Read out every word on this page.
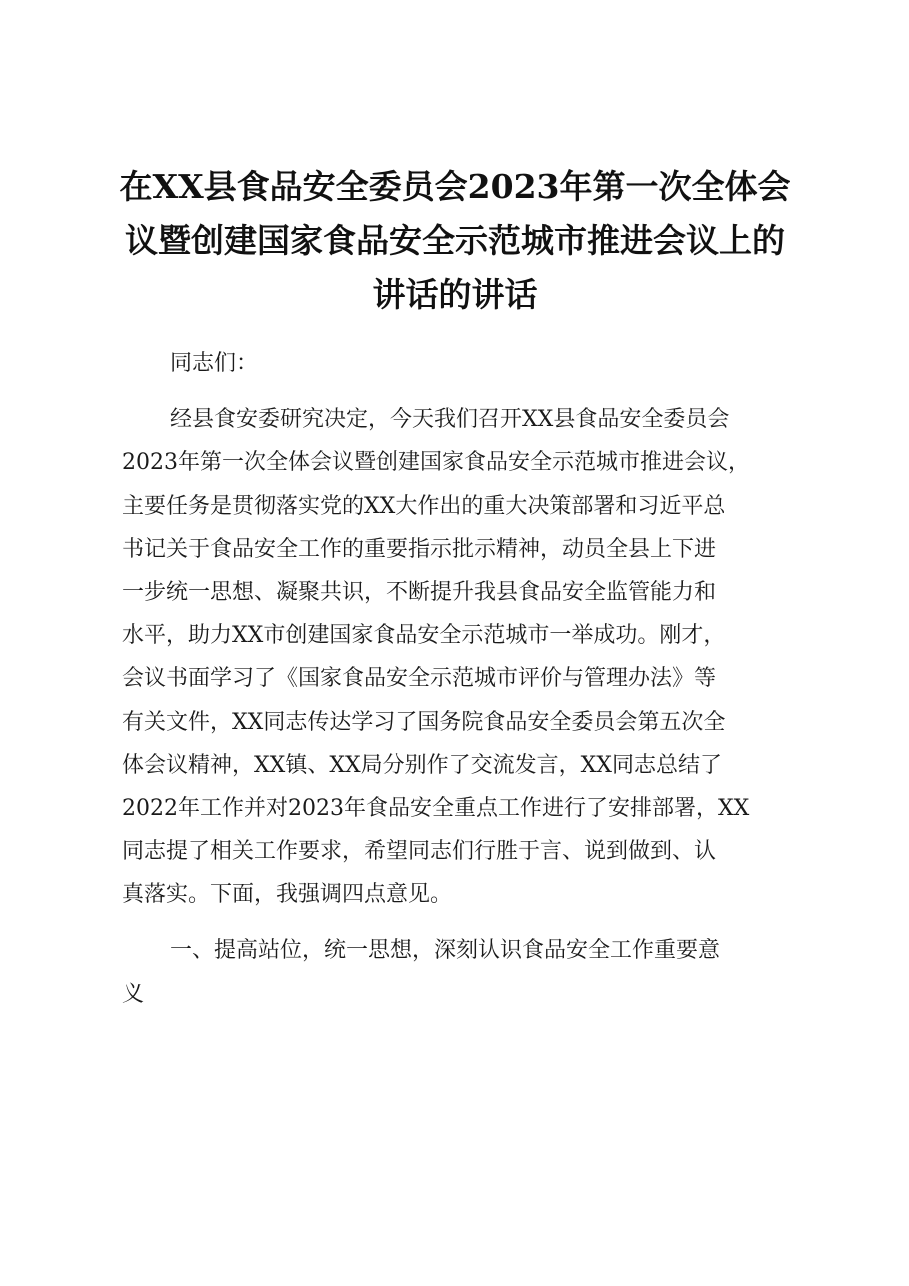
在XX县食品安全委员会2023年第一次全体会
议暨创建国家食品安全示范城市推进会议上的
讲话的讲话

同志们：

经县食安委研究决定，今天我们召开XX县食品安全委员会
2023年第一次全体会议暨创建国家食品安全示范城市推进会议，
主要任务是贯彻落实党的XX大作出的重大决策部署和习近平总
书记关于食品安全工作的重要指示批示精神，动员全县上下进
一步统一思想、凝聚共识，不断提升我县食品安全监管能力和
水平，助力XX市创建国家食品安全示范城市一举成功。刚才，
会议书面学习了《国家食品安全示范城市评价与管理办法》等
有关文件，XX同志传达学习了国务院食品安全委员会第五次全
体会议精神，XX镇、XX局分别作了交流发言，XX同志总结了
2022年工作并对2023年食品安全重点工作进行了安排部署，XX
同志提了相关工作要求，希望同志们行胜于言、说到做到、认
真落实。下面，我强调四点意见。

一、提高站位，统一思想，深刻认识食品安全工作重要意
义
